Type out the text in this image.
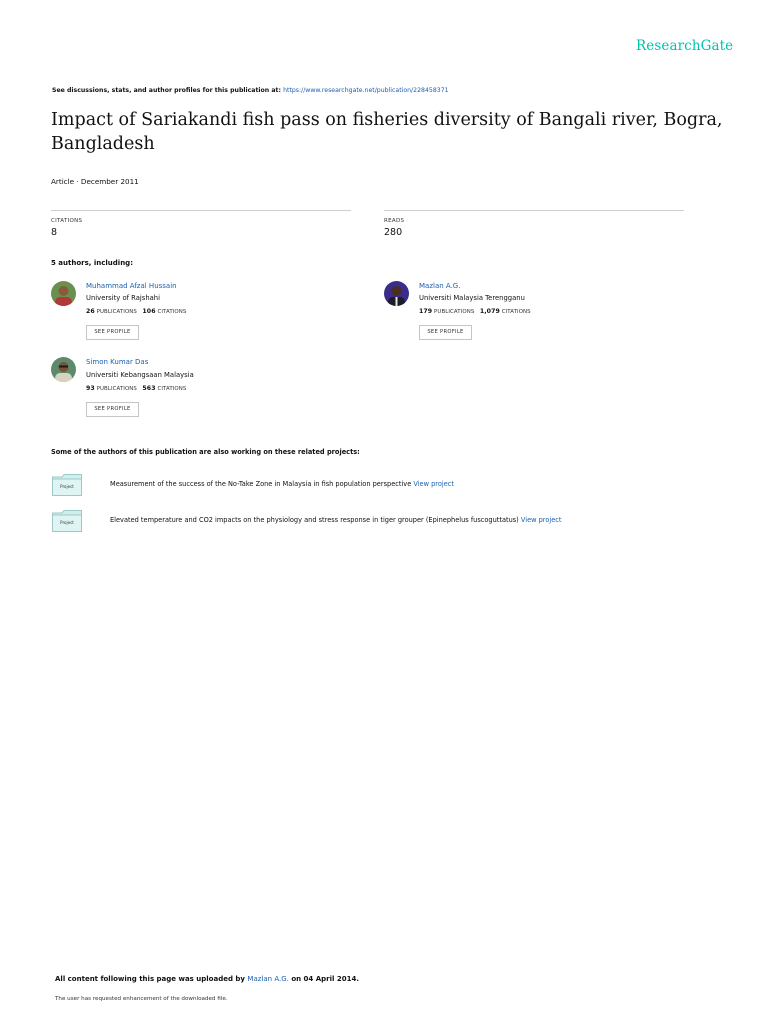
ResearchGate
See discussions, stats, and author profiles for this publication at: https://www.researchgate.net/publication/228458371
Impact of Sariakandi fish pass on fisheries diversity of Bangali river, Bogra, Bangladesh
Article · December 2011
CITATIONS
8
READS
280
5 authors, including:
Muhammad Afzal Hussain
University of Rajshahi
26 PUBLICATIONS 106 CITATIONS
SEE PROFILE
Mazlan A.G.
Universiti Malaysia Terengganu
179 PUBLICATIONS 1,079 CITATIONS
SEE PROFILE
Simon Kumar Das
Universiti Kebangsaan Malaysia
93 PUBLICATIONS 563 CITATIONS
SEE PROFILE
Some of the authors of this publication are also working on these related projects:
Project	Measurement of the success of the No-Take Zone in Malaysia in fish population perspective View project
Project	Elevated temperature and CO2 impacts on the physiology and stress response in tiger grouper (Epinephelus fuscoguttatus) View project
All content following this page was uploaded by Mazlan A.G. on 04 April 2014.
The user has requested enhancement of the downloaded file.
